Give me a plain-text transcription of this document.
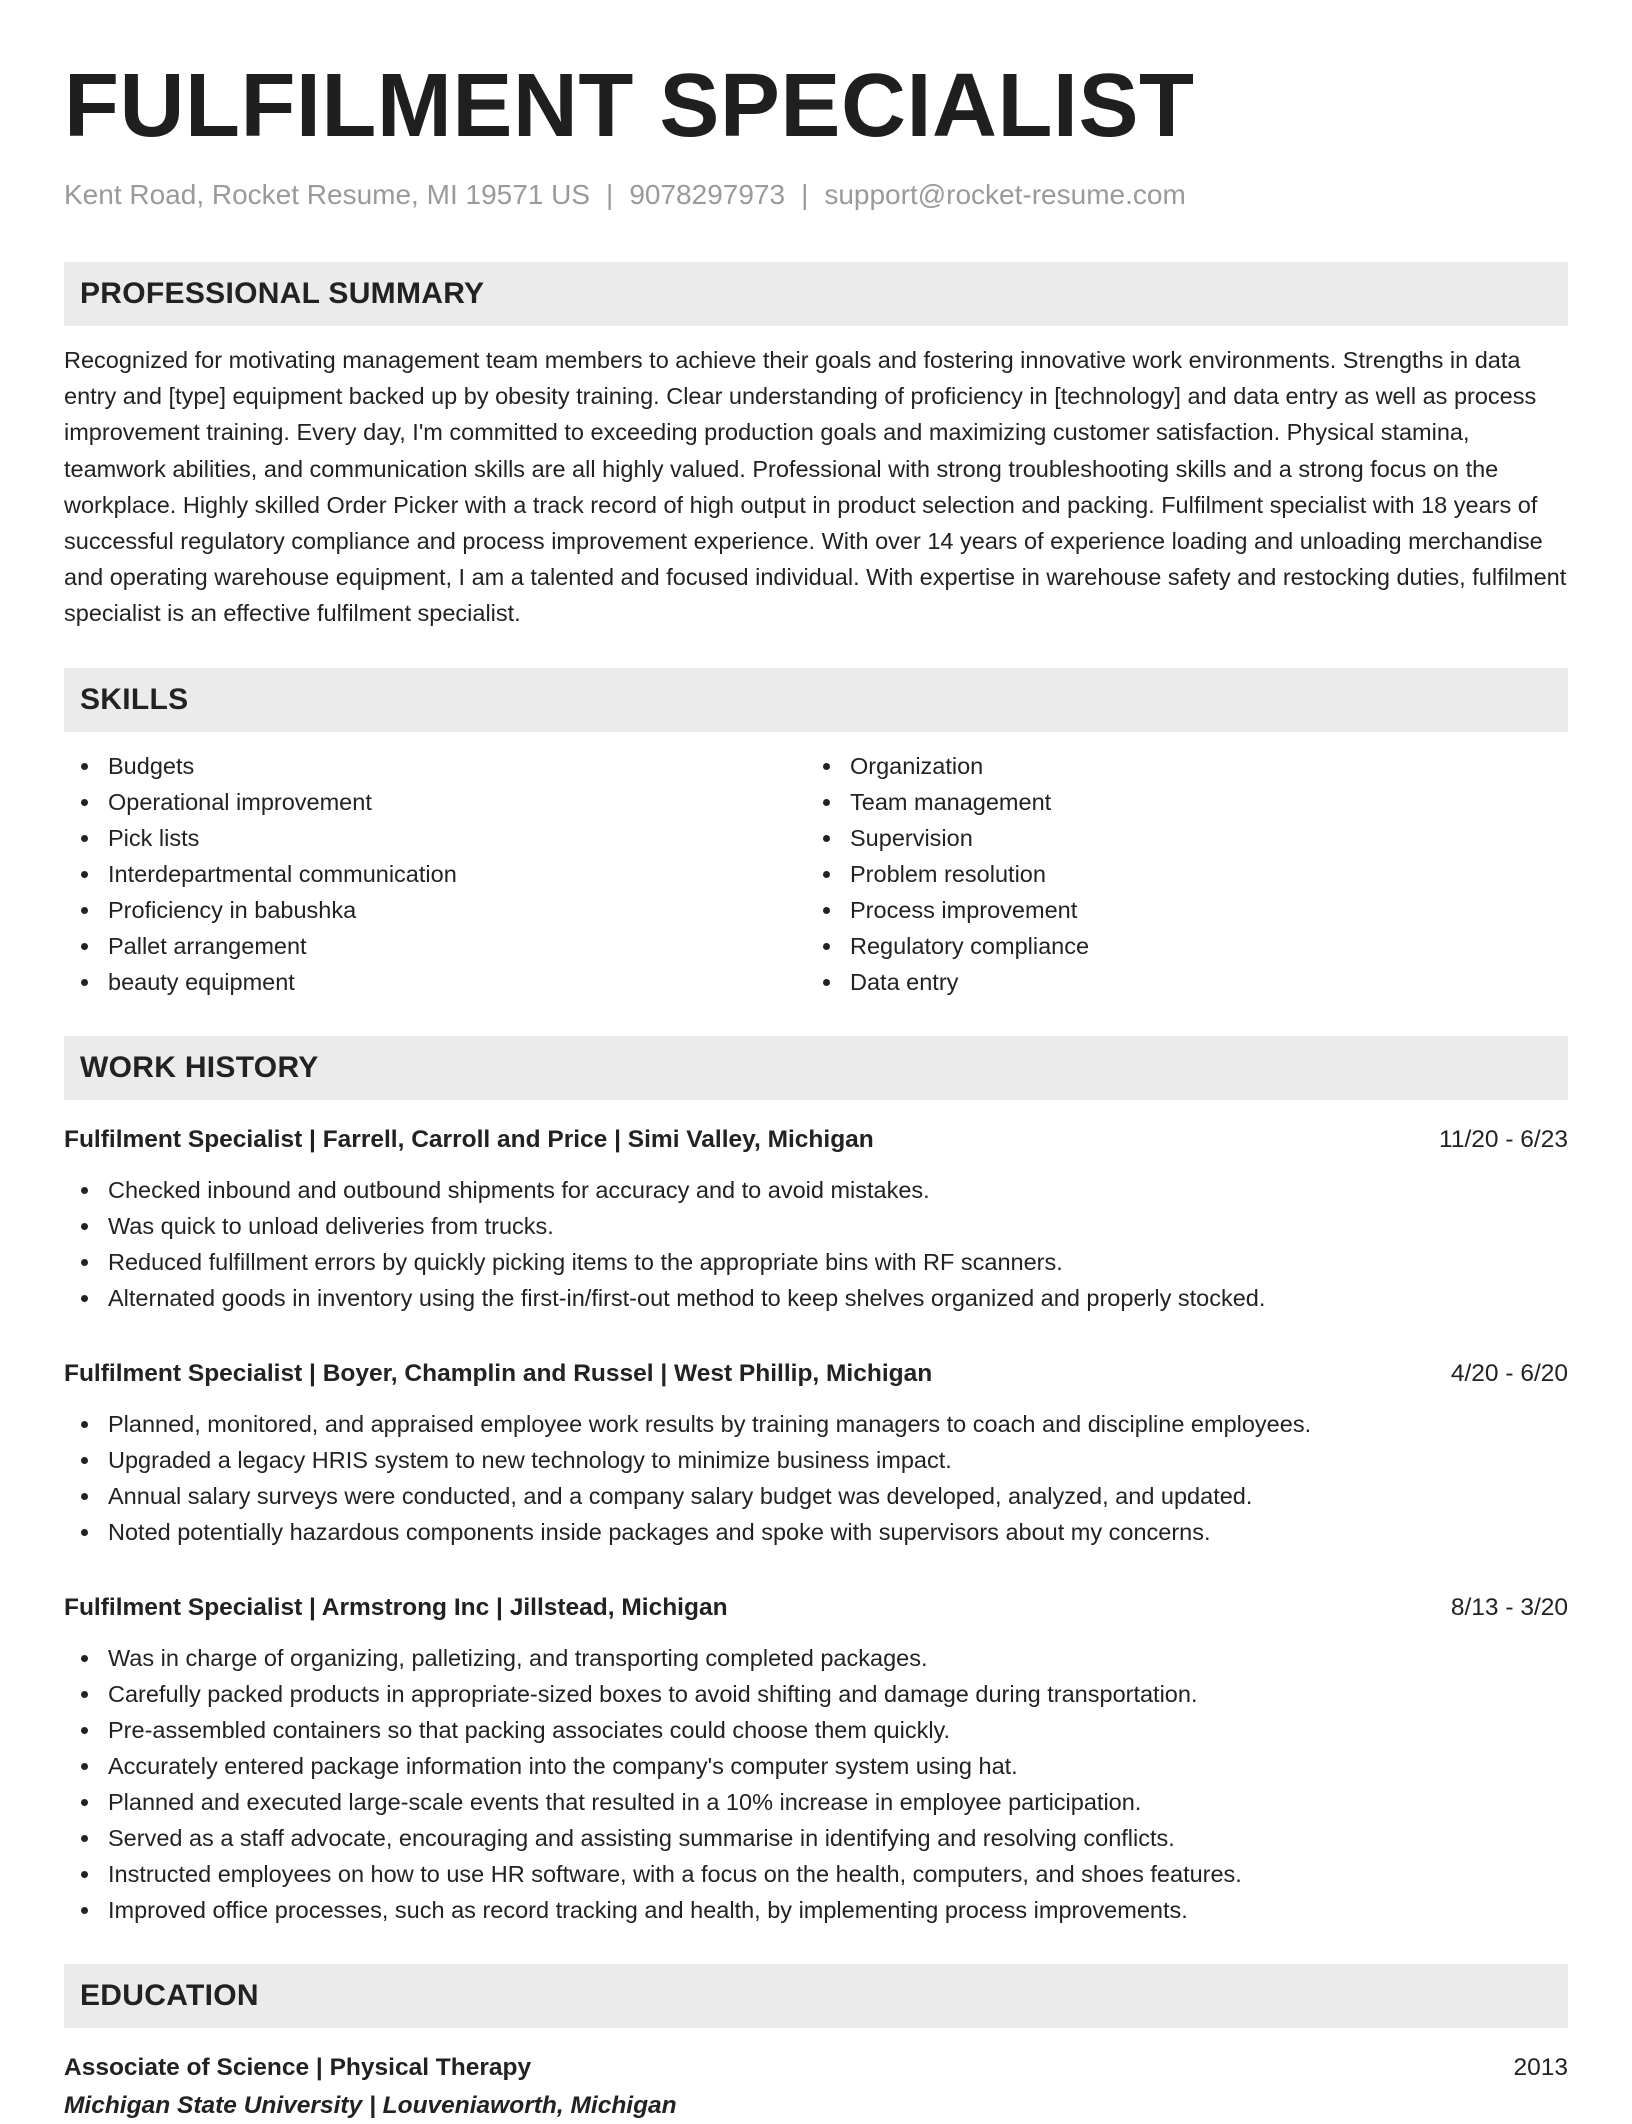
FULFILMENT SPECIALIST
Kent Road, Rocket Resume, MI 19571 US | 9078297973 | support@rocket-resume.com
PROFESSIONAL SUMMARY
Recognized for motivating management team members to achieve their goals and fostering innovative work environments. Strengths in data entry and [type] equipment backed up by obesity training. Clear understanding of proficiency in [technology] and data entry as well as process improvement training. Every day, I'm committed to exceeding production goals and maximizing customer satisfaction. Physical stamina, teamwork abilities, and communication skills are all highly valued. Professional with strong troubleshooting skills and a strong focus on the workplace. Highly skilled Order Picker with a track record of high output in product selection and packing. Fulfilment specialist with 18 years of successful regulatory compliance and process improvement experience. With over 14 years of experience loading and unloading merchandise and operating warehouse equipment, I am a talented and focused individual. With expertise in warehouse safety and restocking duties, fulfilment specialist is an effective fulfilment specialist.
SKILLS
Budgets
Operational improvement
Pick lists
Interdepartmental communication
Proficiency in babushka
Pallet arrangement
beauty equipment
Organization
Team management
Supervision
Problem resolution
Process improvement
Regulatory compliance
Data entry
WORK HISTORY
Fulfilment Specialist | Farrell, Carroll and Price | Simi Valley, Michigan	11/20 - 6/23
Checked inbound and outbound shipments for accuracy and to avoid mistakes.
Was quick to unload deliveries from trucks.
Reduced fulfillment errors by quickly picking items to the appropriate bins with RF scanners.
Alternated goods in inventory using the first-in/first-out method to keep shelves organized and properly stocked.
Fulfilment Specialist | Boyer, Champlin and Russel | West Phillip, Michigan	4/20 - 6/20
Planned, monitored, and appraised employee work results by training managers to coach and discipline employees.
Upgraded a legacy HRIS system to new technology to minimize business impact.
Annual salary surveys were conducted, and a company salary budget was developed, analyzed, and updated.
Noted potentially hazardous components inside packages and spoke with supervisors about my concerns.
Fulfilment Specialist | Armstrong Inc | Jillstead, Michigan	8/13 - 3/20
Was in charge of organizing, palletizing, and transporting completed packages.
Carefully packed products in appropriate-sized boxes to avoid shifting and damage during transportation.
Pre-assembled containers so that packing associates could choose them quickly.
Accurately entered package information into the company's computer system using hat.
Planned and executed large-scale events that resulted in a 10% increase in employee participation.
Served as a staff advocate, encouraging and assisting summarise in identifying and resolving conflicts.
Instructed employees on how to use HR software, with a focus on the health, computers, and shoes features.
Improved office processes, such as record tracking and health, by implementing process improvements.
EDUCATION
Associate of Science | Physical Therapy	2013
Michigan State University | Louveniaworth, Michigan
